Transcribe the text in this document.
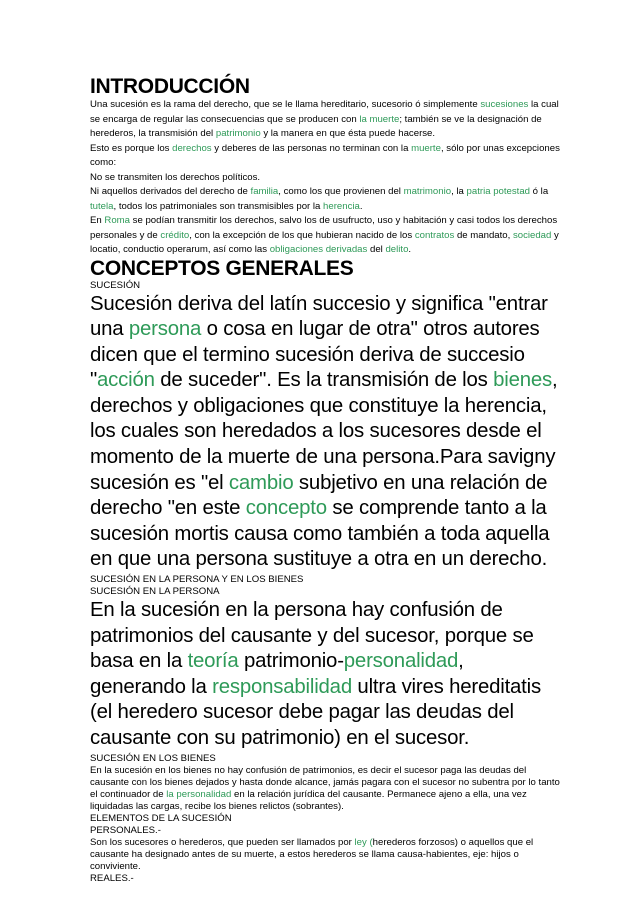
INTRODUCCIÓN

Una sucesión es la rama del derecho, que se le llama hereditario, sucesorio ó simplemente sucesiones la cual se encarga de regular las consecuencias que se producen con la muerte; también se ve la designación de herederos, la transmisión del patrimonio y la manera en que ésta puede hacerse.

Esto es porque los derechos y deberes de las personas no terminan con la muerte, sólo por unas excepciones como:

No se transmiten los derechos políticos.

Ni aquellos derivados del derecho de familia, como los que provienen del matrimonio, la patria potestad ó la tutela, todos los patrimoniales son transmisibles por la herencia.

En Roma se podían transmitir los derechos, salvo los de usufructo, uso y habitación y casi todos los derechos personales y de crédito, con la excepción de los que hubieran nacido de los contratos de mandato, sociedad y locatio, conductio operarum, así como las obligaciones derivadas del delito.

CONCEPTOS GENERALES

SUCESIÓN

Sucesión deriva del latín succesio y significa "entrar una persona o cosa en lugar de otra" otros autores dicen que el termino sucesión deriva de succesio "acción de suceder". Es la transmisión de los bienes, derechos y obligaciones que constituye la herencia, los cuales son heredados a los sucesores desde el momento de la muerte de una persona.Para savigny sucesión es "el cambio subjetivo en una relación de derecho "en este concepto se comprende tanto a la sucesión mortis causa como también a toda aquella en que una persona sustituye a otra en un derecho.

SUCESIÓN EN LA PERSONA Y EN LOS BIENES

SUCESIÓN EN LA PERSONA

En la sucesión en la persona hay confusión de patrimonios del causante y del sucesor, porque se basa en la teoría patrimonio-personalidad, generando la responsabilidad ultra vires hereditatis (el heredero sucesor debe pagar las deudas del causante con su patrimonio) en el sucesor.

SUCESIÓN EN LOS BIENES

En la sucesión en los bienes no hay confusión de patrimonios, es decir el sucesor paga las deudas del causante con los bienes dejados y hasta donde alcance, jamás pagara con el sucesor no subentra por lo tanto el continuador de la personalidad en la relación jurídica del causante. Permanece ajeno a ella, una vez liquidadas las cargas, recibe los bienes relictos (sobrantes).

ELEMENTOS DE LA SUCESIÓN

PERSONALES.-

Son los sucesores o herederos, que pueden ser llamados por ley (herederos forzosos) o aquellos que el causante ha designado antes de su muerte, a estos herederos se llama causa-habientes, eje: hijos o conviviente.

REALES.-
